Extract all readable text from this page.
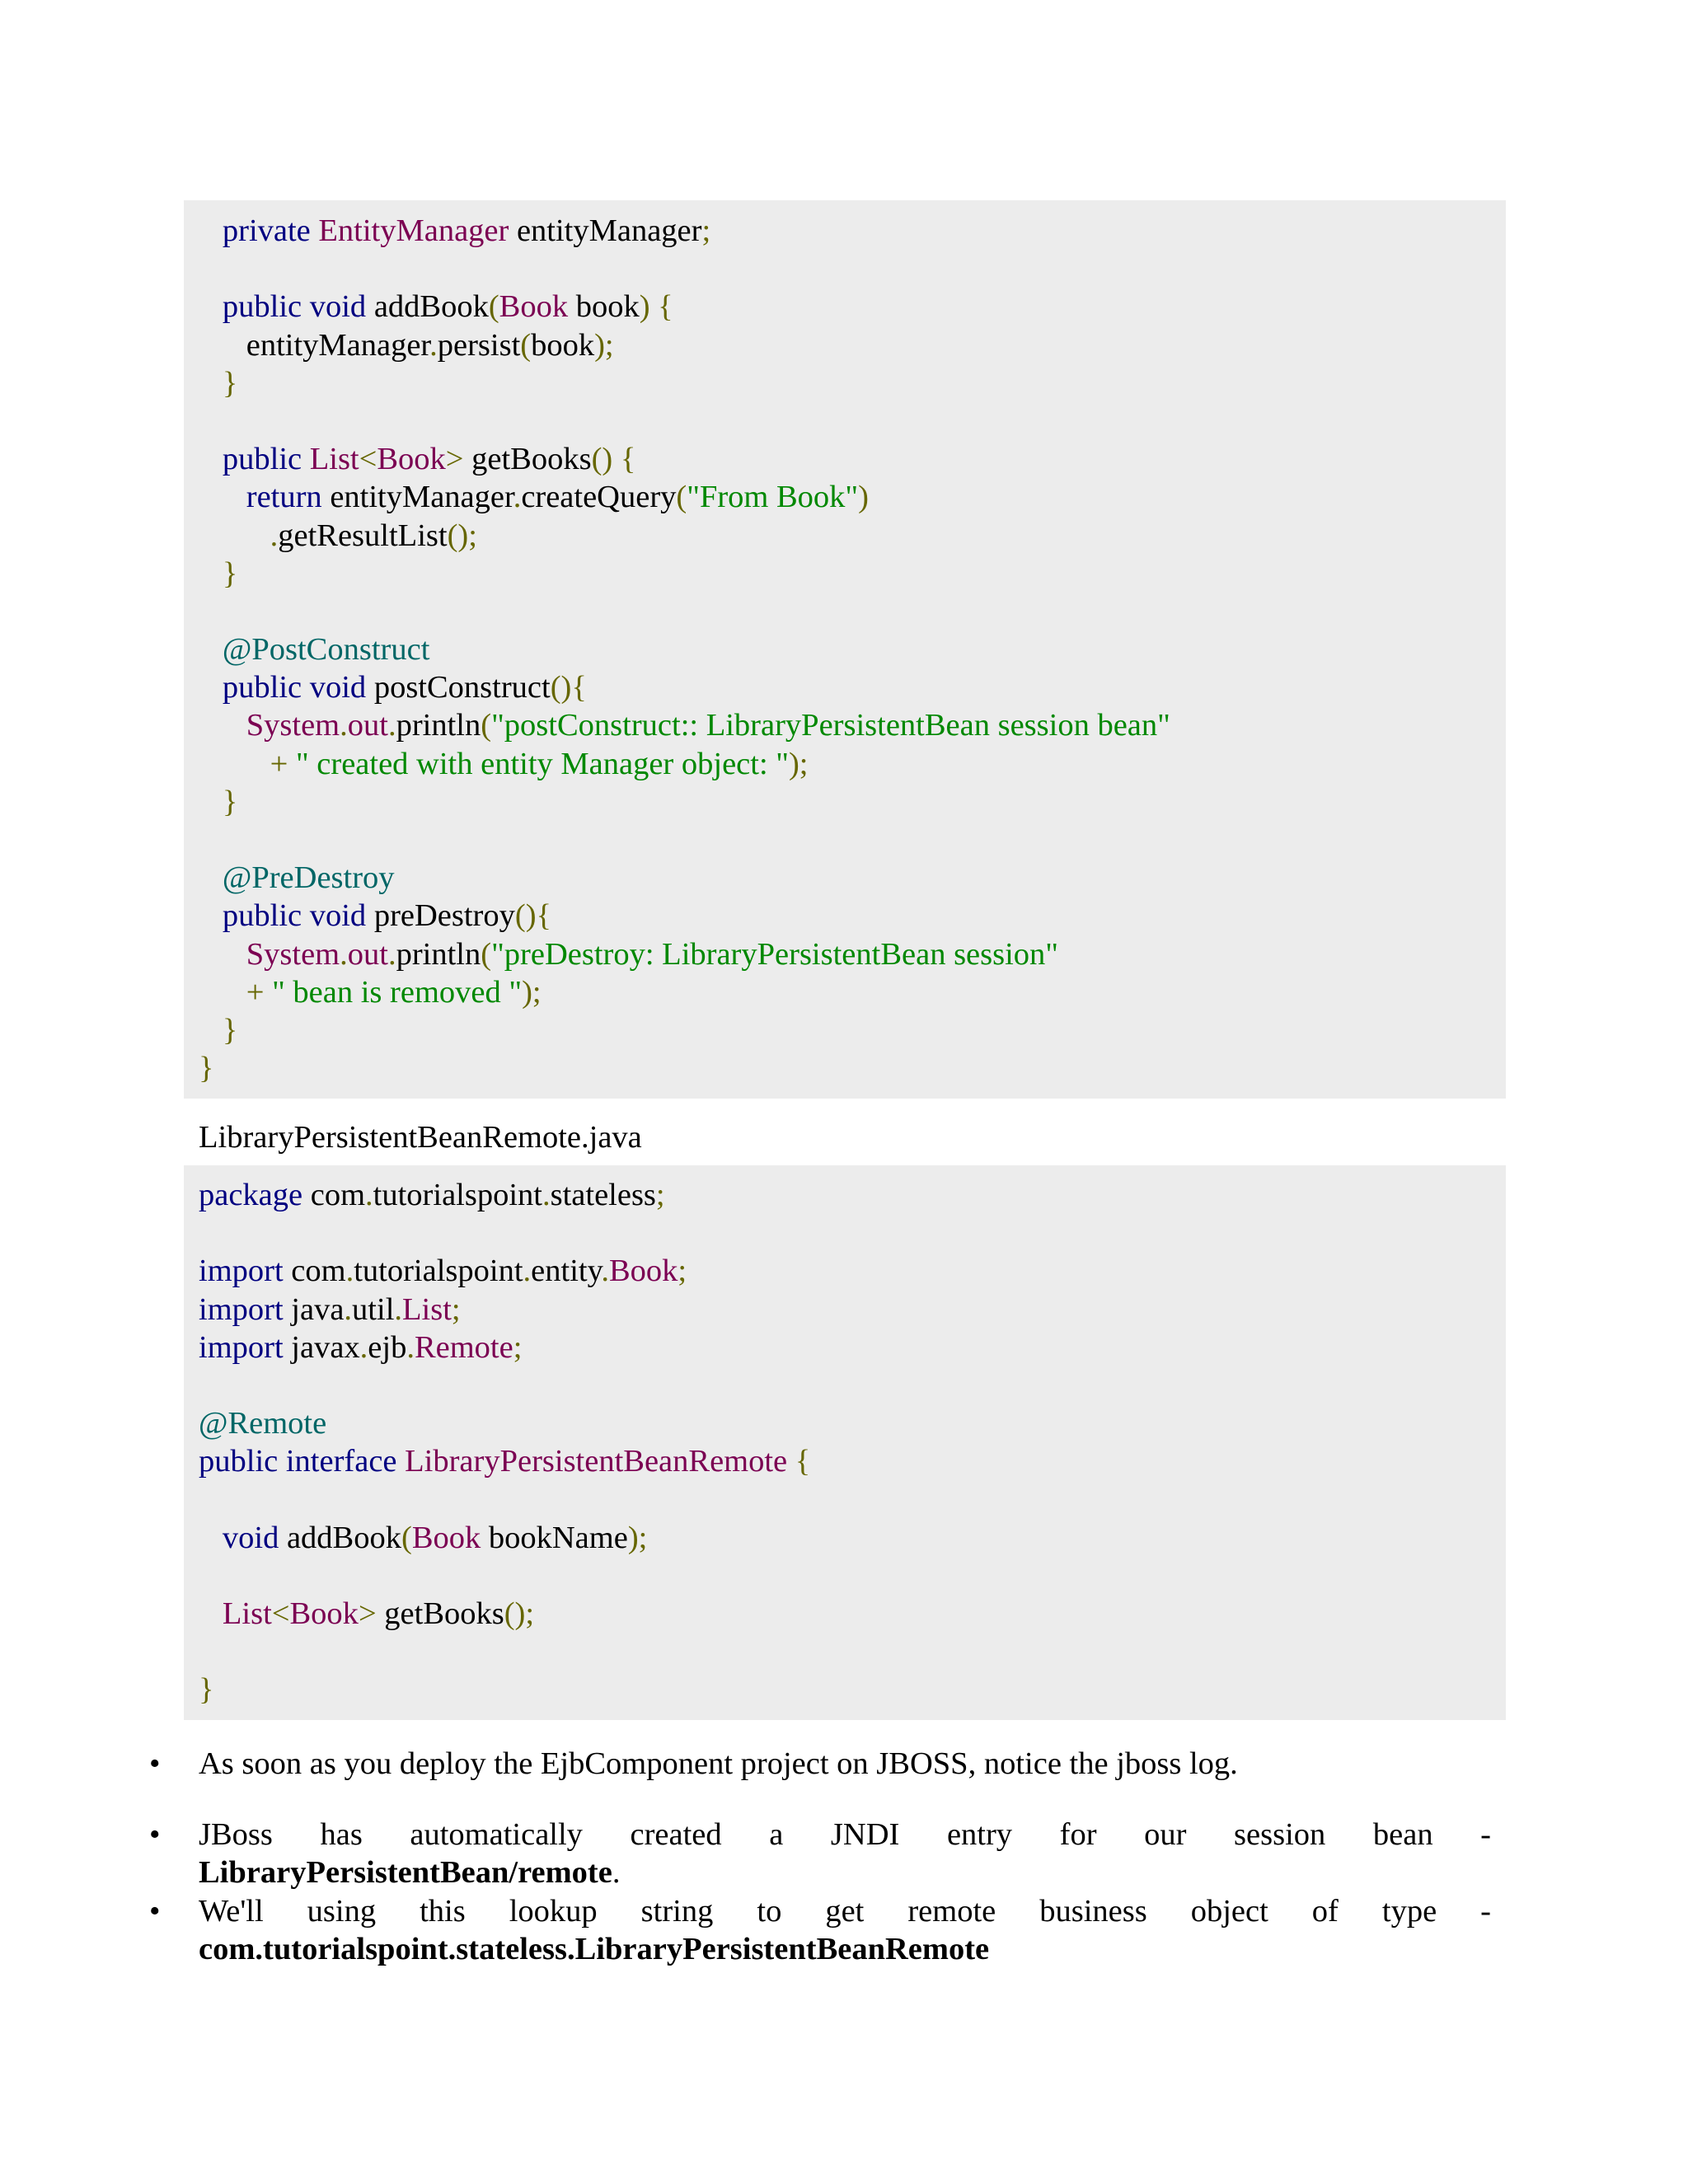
private EntityManager entityManager;

public void addBook(Book book) {
entityManager.persist(book);
}

public List<Book> getBooks() {
return entityManager.createQuery("From Book")
.getResultList();
}

@PostConstruct
public void postConstruct(){
System.out.println("postConstruct:: LibraryPersistentBean session bean"
+ " created with entity Manager object: ");
}

@PreDestroy
public void preDestroy(){
System.out.println("preDestroy: LibraryPersistentBean session"
+ " bean is removed ");
}
}
LibraryPersistentBeanRemote.java
package com.tutorialspoint.stateless;

import com.tutorialspoint.entity.Book;
import java.util.List;
import javax.ejb.Remote;

@Remote
public interface LibraryPersistentBeanRemote {

void addBook(Book bookName);

List<Book> getBooks();

}
• As soon as you deploy the EjbComponent project on JBOSS, notice the jboss log.
• JBoss has automatically created a JNDI entry for our session bean -
LibraryPersistentBean/remote.
• We'll using this lookup string to get remote business object of type -
com.tutorialspoint.stateless.LibraryPersistentBeanRemote
